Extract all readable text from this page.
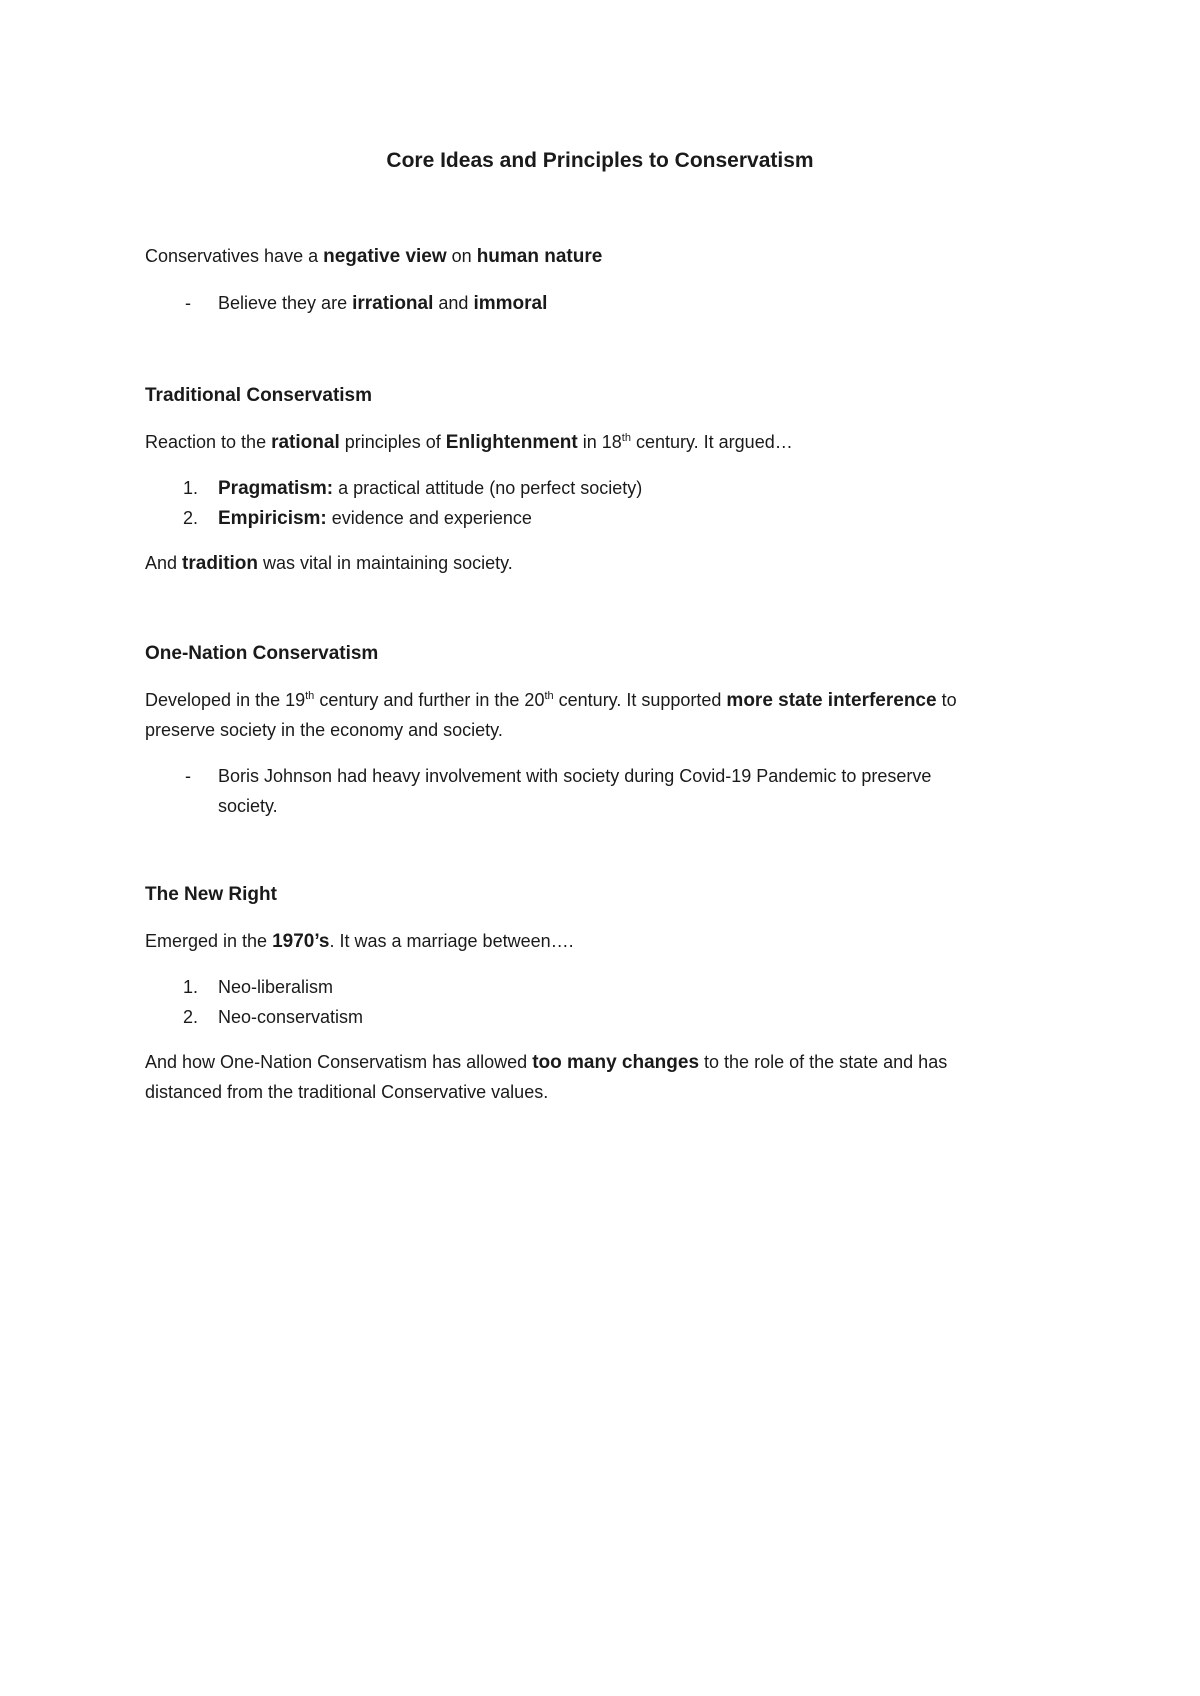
Core Ideas and Principles to Conservatism
Conservatives have a negative view on human nature
- Believe they are irrational and immoral
Traditional Conservatism
Reaction to the rational principles of Enlightenment in 18th century. It argued…
1. Pragmatism: a practical attitude (no perfect society)
2. Empiricism: evidence and experience
And tradition was vital in maintaining society.
One-Nation Conservatism
Developed in the 19th century and further in the 20th century. It supported more state interference to
preserve society in the economy and society.
- Boris Johnson had heavy involvement with society during Covid-19 Pandemic to preserve
society.
The New Right
Emerged in the 1970’s. It was a marriage between….
1. Neo-liberalism
2. Neo-conservatism
And how One-Nation Conservatism has allowed too many changes to the role of the state and has
distanced from the traditional Conservative values.
